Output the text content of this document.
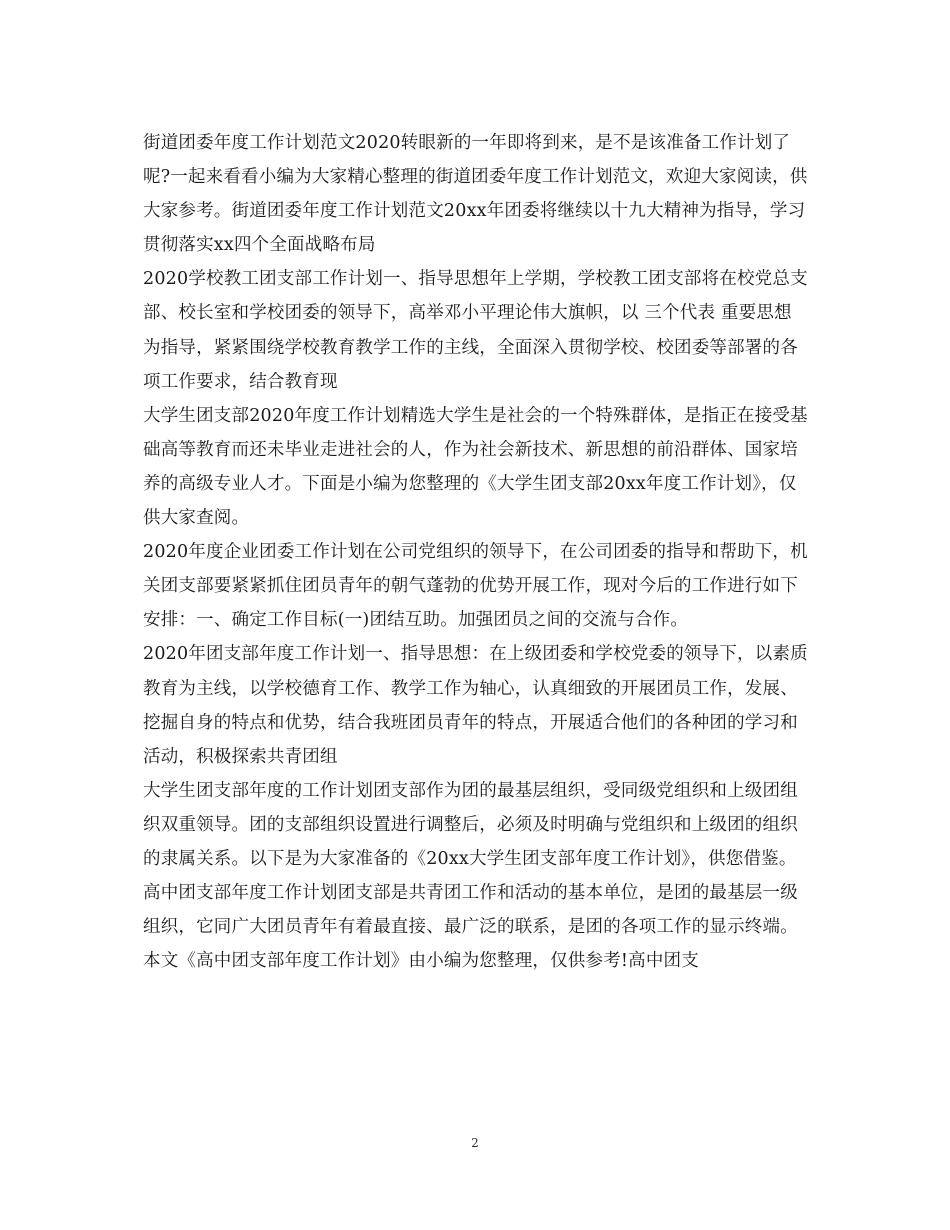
街道团委年度工作计划范文2020转眼新的一年即将到来，是不是该准备工作计划了呢?一起来看看小编为大家精心整理的街道团委年度工作计划范文，欢迎大家阅读，供大家参考。街道团委年度工作计划范文20xx年团委将继续以十九大精神为指导，学习贯彻落实xx四个全面战略布局

2020学校教工团支部工作计划一、指导思想年上学期，学校教工团支部将在校党总支部、校长室和学校团委的领导下，高举邓小平理论伟大旗帜，以 三个代表 重要思想为指导，紧紧围绕学校教育教学工作的主线，全面深入贯彻学校、校团委等部署的各项工作要求，结合教育现

大学生团支部2020年度工作计划精选大学生是社会的一个特殊群体，是指正在接受基础高等教育而还未毕业走进社会的人，作为社会新技术、新思想的前沿群体、国家培养的高级专业人才。下面是小编为您整理的《大学生团支部20xx年度工作计划》，仅供大家查阅。

2020年度企业团委工作计划在公司党组织的领导下，在公司团委的指导和帮助下，机关团支部要紧紧抓住团员青年的朝气蓬勃的优势开展工作，现对今后的工作进行如下安排：一、确定工作目标(一)团结互助。加强团员之间的交流与合作。

2020年团支部年度工作计划一、指导思想：在上级团委和学校党委的领导下，以素质教育为主线，以学校德育工作、教学工作为轴心，认真细致的开展团员工作，发展、挖掘自身的特点和优势，结合我班团员青年的特点，开展适合他们的各种团的学习和活动，积极探索共青团组

大学生团支部年度的工作计划团支部作为团的最基层组织，受同级党组织和上级团组织双重领导。团的支部组织设置进行调整后，必须及时明确与党组织和上级团的组织的隶属关系。以下是为大家准备的《20xx大学生团支部年度工作计划》，供您借鉴。

高中团支部年度工作计划团支部是共青团工作和活动的基本单位，是团的最基层一级组织，它同广大团员青年有着最直接、最广泛的联系，是团的各项工作的显示终端。本文《高中团支部年度工作计划》由小编为您整理，仅供参考!高中团支

2
